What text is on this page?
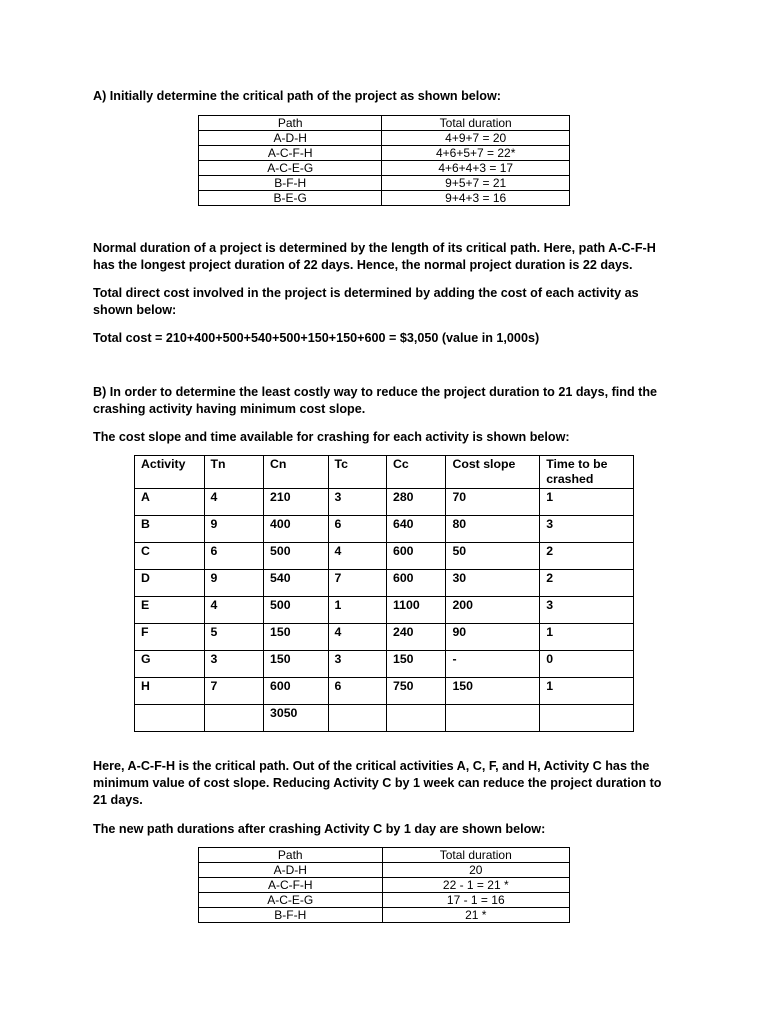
A) Initially determine the critical path of the project as shown below:

Path	Total duration
A-D-H	4+9+7 = 20
A-C-F-H	4+6+5+7 = 22*
A-C-E-G	4+6+4+3 = 17
B-F-H	9+5+7 = 21
B-E-G	9+4+3 = 16

Normal duration of a project is determined by the length of its critical path. Here, path A-C-F-H has the longest project duration of 22 days. Hence, the normal project duration is 22 days.

Total direct cost involved in the project is determined by adding the cost of each activity as shown below:

Total cost = 210+400+500+540+500+150+150+600 = $3,050 (value in 1,000s)

B) In order to determine the least costly way to reduce the project duration to 21 days, find the crashing activity having minimum cost slope.

The cost slope and time available for crashing for each activity is shown below:

Activity	Tn	Cn	Tc	Cc	Cost slope	Time to be crashed
A	4	210	3	280	70	1
B	9	400	6	640	80	3
C	6	500	4	600	50	2
D	9	540	7	600	30	2
E	4	500	1	1100	200	3
F	5	150	4	240	90	1
G	3	150	3	150	-	0
H	7	600	6	750	150	1
		3050				

Here, A-C-F-H is the critical path. Out of the critical activities A, C, F, and H, Activity C has the minimum value of cost slope. Reducing Activity C by 1 week can reduce the project duration to 21 days.

The new path durations after crashing Activity C by 1 day are shown below:

Path	Total duration
A-D-H	20
A-C-F-H	22 - 1 = 21 *
A-C-E-G	17 - 1 = 16
B-F-H	21 *
